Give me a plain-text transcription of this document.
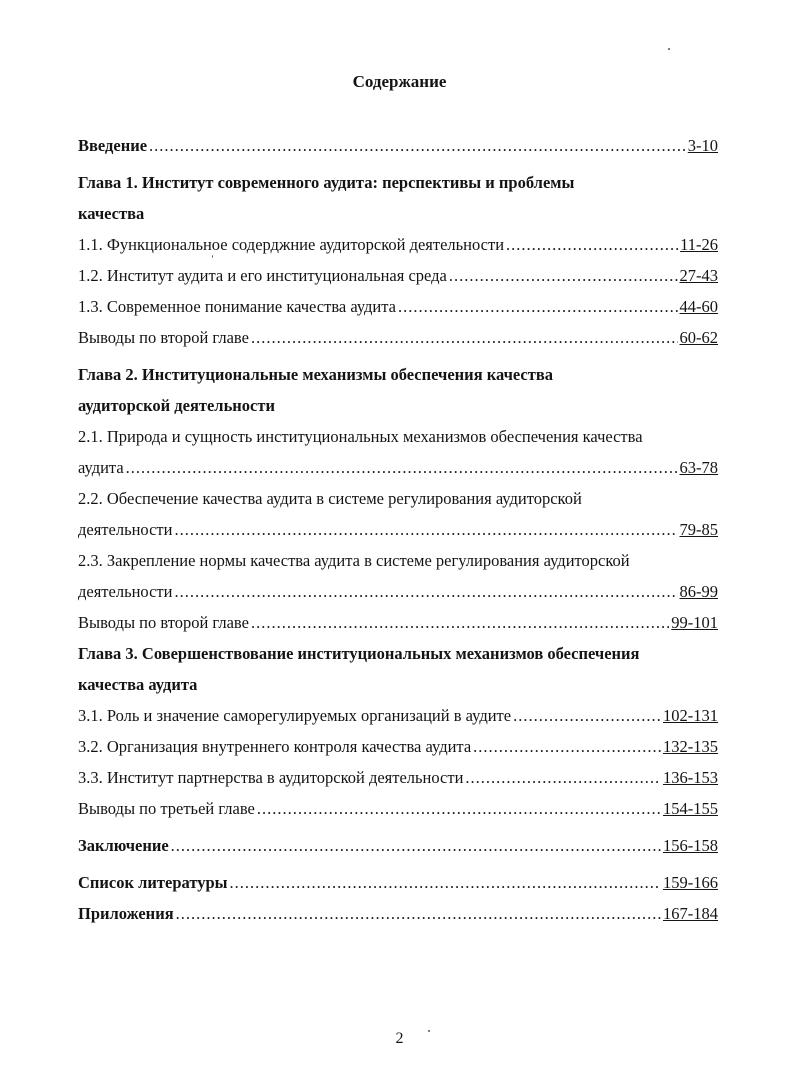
Содержание
Введение .....	3-10
Глава 1. Институт современного аудита: перспективы и проблемы
качества
1.1. Функциональное содерджние аудиторской деятельности .....	11-26
1.2. Институт аудита и его институциональная среда .....	27-43
1.3. Современное понимание качества аудита .....	44-60
Выводы по второй главе .....	60-62
Глава 2. Институциональные механизмы обеспечения качества
аудиторской деятельности
2.1. Природа и сущность институциональных механизмов обеспечения качества
аудита .....	63-78
2.2. Обеспечение качества аудита в системе регулирования аудиторской
деятельности .....	79-85
2.3. Закрепление нормы качества аудита в системе регулирования аудиторской
деятельности .....	86-99
Выводы по второй главе .....	99-101
Глава 3. Совершенствование институциональных механизмов обеспечения
качества аудита
3.1. Роль и значение саморегулируемых организаций в аудите .....	102-131
3.2. Организация внутреннего контроля качества аудита .....	132-135
3.3. Институт партнерства в аудиторской деятельности .....	136-153
Выводы по третьей главе .....	154-155
Заключение .....	156-158
Список литературы .....	159-166
Приложения .....	167-184
2
